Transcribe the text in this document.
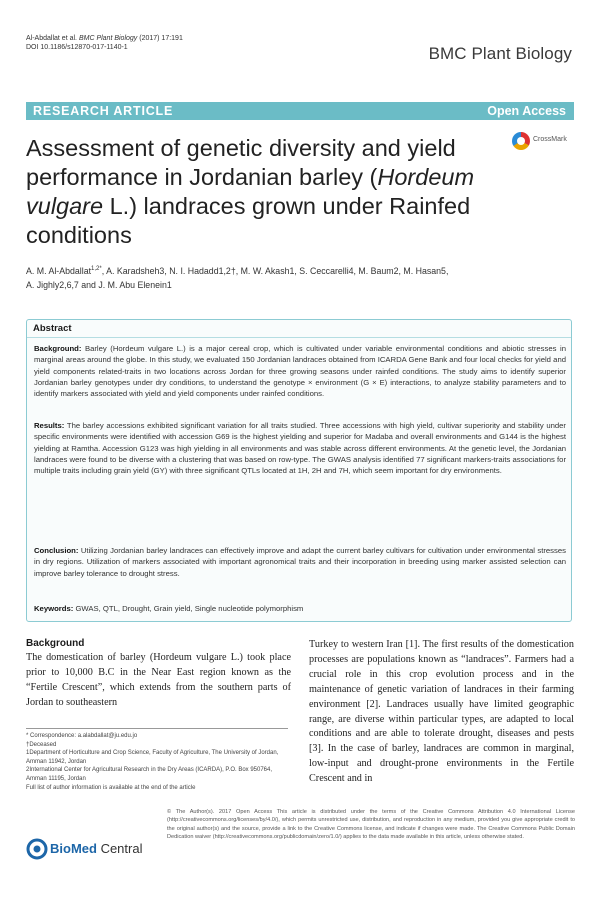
Al-Abdallat et al. BMC Plant Biology (2017) 17:191
DOI 10.1186/s12870-017-1140-1	BMC Plant Biology
RESEARCH ARTICLE	Open Access
CrossMark
Assessment of genetic diversity and yield performance in Jordanian barley (Hordeum vulgare L.) landraces grown under Rainfed conditions
A. M. Al-Abdallat$^{1,2*}$, A. Karadsheh3, N. I. Hadadd1,2†, M. W. Akash1, S. Ceccarelli4, M. Baum2, M. Hasan5,
A. Jighly2,6,7 and J. M. Abu Elenein1
Abstract
Background: Barley (Hordeum vulgare L.) is a major cereal crop, which is cultivated under variable environmental conditions and abiotic stresses in marginal areas around the globe. In this study, we evaluated 150 Jordanian landraces obtained from ICARDA Gene Bank and four local checks for yield and yield components related-traits in two locations across Jordan for three growing seasons under rainfed conditions. The study aims to identify superior Jordanian barley genotypes under dry conditions, to understand the genotype × environment (G × E) interactions, to analyze stability parameters and to identify markers associated with yield and yield components under rainfed conditions.
Results: The barley accessions exhibited significant variation for all traits studied. Three accessions with high yield, cultivar superiority and stability under specific environments were identified with accession G69 is the highest yielding and superior for Madaba and overall environments and G144 is the highest yielding at Ramtha. Accession G123 was high yielding in all environments and was stable across different environments. At the genetic level, the Jordanian landraces were found to be diverse with a clustering that was based on row-type. The GWAS analysis identified 77 significant markers-traits associations for multiple traits including grain yield (GY) with three significant QTLs located at 1H, 2H and 7H, which seem important for dry environments.
Conclusion: Utilizing Jordanian barley landraces can effectively improve and adapt the current barley cultivars for cultivation under environmental stresses in dry regions. Utilization of markers associated with important agronomical traits and their incorporation in breeding using marker assisted selection can improve barley tolerance to drought stress.
Keywords: GWAS, QTL, Drought, Grain yield, Single nucleotide polymorphism
Background
The domestication of barley (Hordeum vulgare L.) took place prior to 10,000 B.C in the Near East region known as the “Fertile Crescent”, which extends from the southern parts of Jordan to southeastern
Turkey to western Iran [1]. The first results of the domestication processes are populations known as “landraces”. Farmers had a crucial role in this crop evolution process and in the maintenance of genetic variation of landraces in their farming environment [2]. Landraces usually have limited geographic range, are diverse within particular types, are adapted to local conditions and are able to tolerate drought, diseases and pests [3]. In the case of barley, landraces are common in marginal, low-input and drought-prone environments in the Fertile Crescent and in
* Correspondence: a.alabdallat@ju.edu.jo
†Deceased
1Department of Horticulture and Crop Science, Faculty of Agriculture, The University of Jordan, Amman 11942, Jordan
2International Center for Agricultural Research in the Dry Areas (ICARDA), P.O. Box 950764, Amman 11195, Jordan
Full list of author information is available at the end of the article
BioMed Central
© The Author(s). 2017 Open Access This article is distributed under the terms of the Creative Commons Attribution 4.0 International License (http://creativecommons.org/licenses/by/4.0/), which permits unrestricted use, distribution, and reproduction in any medium, provided you give appropriate credit to the original author(s) and the source, provide a link to the Creative Commons license, and indicate if changes were made. The Creative Commons Public Domain Dedication waiver (http://creativecommons.org/publicdomain/zero/1.0/) applies to the data made available in this article, unless otherwise stated.
